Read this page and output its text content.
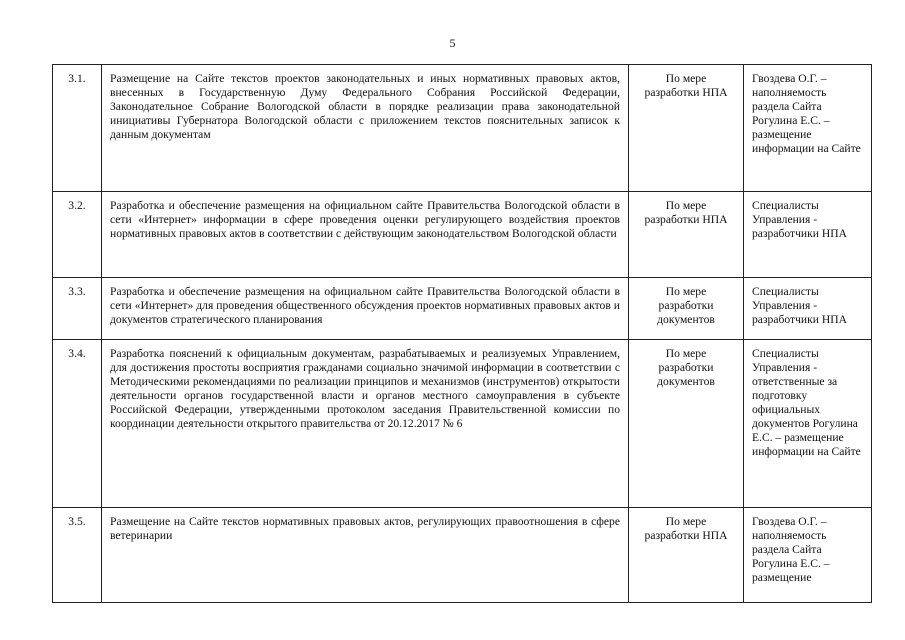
5
3.1.	Размещение на Сайте текстов проектов законодательных и иных нормативных правовых актов, внесенных в Государственную Думу Федерального Собрания Российской Федерации, Законодательное Собрание Вологодской области в порядке реализации права законодательной инициативы Губернатора Вологодской области с приложением текстов пояснительных записок к данным документам	По мере разработки НПА	Гвоздева О.Г. – наполняемость раздела Сайта Рогулина Е.С. – размещение информации на Сайте
3.2.	Разработка и обеспечение размещения на официальном сайте Правительства Вологодской области в сети «Интернет» информации в сфере проведения оценки регулирующего воздействия проектов нормативных правовых актов в соответствии с действующим законодательством Вологодской области	По мере разработки НПА	Специалисты Управления - разработчики НПА
3.3.	Разработка и обеспечение размещения на официальном сайте Правительства Вологодской области в сети «Интернет» для проведения общественного обсуждения проектов нормативных правовых актов и документов стратегического планирования	По мере разработки документов	Специалисты Управления - разработчики НПА
3.4.	Разработка пояснений к официальным документам, разрабатываемых и реализуемых Управлением, для достижения простоты восприятия гражданами социально значимой информации в соответствии с Методическими рекомендациями по реализации принципов и механизмов (инструментов) открытости деятельности органов государственной власти и органов местного самоуправления в субъекте Российской Федерации, утвержденными протоколом заседания Правительственной комиссии по координации деятельности открытого правительства от 20.12.2017 № 6	По мере разработки документов	Специалисты Управления - ответственные за подготовку официальных документов Рогулина Е.С. – размещение информации на Сайте
3.5.	Размещение на Сайте текстов нормативных правовых актов, регулирующих правоотношения в сфере ветеринарии	По мере разработки НПА	Гвоздева О.Г. – наполняемость раздела Сайта Рогулина Е.С. – размещение
